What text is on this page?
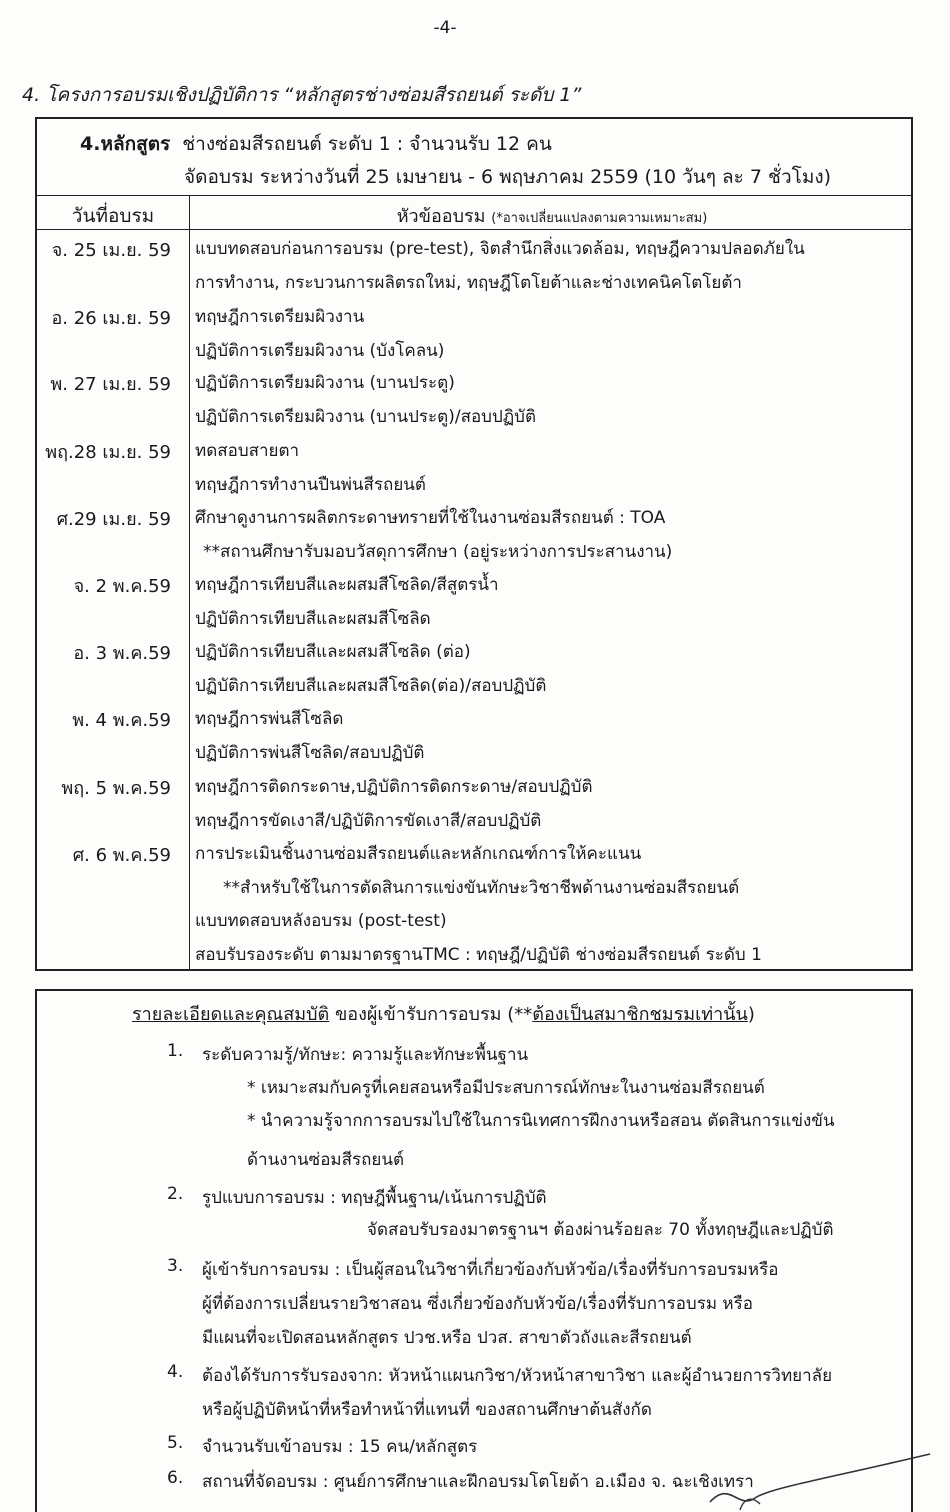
-4-
4. โครงการอบรมเชิงปฏิบัติการ “หลักสูตรช่างซ่อมสีรถยนต์ ระดับ 1”
4.หลักสูตร ช่างซ่อมสีรถยนต์ ระดับ 1 : จำนวนรับ 12 คน
จัดอบรม ระหว่างวันที่ 25 เมษายน - 6 พฤษภาคม 2559 (10 วันๆ ละ 7 ชั่วโมง)
วันที่อบรม	หัวข้ออบรม (*อาจเปลี่ยนแปลงตามความเหมาะสม)
จ. 25 เม.ย. 59 แบบทดสอบก่อนการอบรม (pre-test), จิตสำนึกสิ่งแวดล้อม, ทฤษฎีความปลอดภัยใน
การทำงาน, กระบวนการผลิตรถใหม่, ทฤษฎีโตโยต้าและช่างเทคนิคโตโยต้า
อ. 26 เม.ย. 59 ทฤษฎีการเตรียมผิวงาน
ปฏิบัติการเตรียมผิวงาน (บังโคลน)
พ. 27 เม.ย. 59 ปฏิบัติการเตรียมผิวงาน (บานประตู)
ปฏิบัติการเตรียมผิวงาน (บานประตู)/สอบปฏิบัติ
พฤ.28 เม.ย. 59 ทดสอบสายตา
ทฤษฎีการทำงานปืนพ่นสีรถยนต์
ศ.29 เม.ย. 59 ศึกษาดูงานการผลิตกระดาษทรายที่ใช้ในงานซ่อมสีรถยนต์ : TOA
**สถานศึกษารับมอบวัสดุการศึกษา (อยู่ระหว่างการประสานงาน)
จ. 2 พ.ค.59 ทฤษฎีการเทียบสีและผสมสีโซลิด/สีสูตรน้ำ
ปฏิบัติการเทียบสีและผสมสีโซลิด
อ. 3 พ.ค.59 ปฏิบัติการเทียบสีและผสมสีโซลิด (ต่อ)
ปฏิบัติการเทียบสีและผสมสีโซลิด(ต่อ)/สอบปฏิบัติ
พ. 4 พ.ค.59 ทฤษฎีการพ่นสีโซลิด
ปฏิบัติการพ่นสีโซลิด/สอบปฏิบัติ
พฤ. 5 พ.ค.59 ทฤษฎีการติดกระดาษ,ปฏิบัติการติดกระดาษ/สอบปฏิบัติ
ทฤษฎีการขัดเงาสี/ปฏิบัติการขัดเงาสี/สอบปฏิบัติ
ศ. 6 พ.ค.59 การประเมินชิ้นงานซ่อมสีรถยนต์และหลักเกณฑ์การให้คะแนน
**สำหรับใช้ในการตัดสินการแข่งขันทักษะวิชาชีพด้านงานซ่อมสีรถยนต์
แบบทดสอบหลังอบรม (post-test)
สอบรับรองระดับ ตามมาตรฐานTMC : ทฤษฎี/ปฏิบัติ ช่างซ่อมสีรถยนต์ ระดับ 1
รายละเอียดและคุณสมบัติ ของผู้เข้ารับการอบรม (**ต้องเป็นสมาชิกชมรมเท่านั้น)
1. ระดับความรู้/ทักษะ: ความรู้และทักษะพื้นฐาน
* เหมาะสมกับครูที่เคยสอนหรือมีประสบการณ์ทักษะในงานซ่อมสีรถยนต์
* นำความรู้จากการอบรมไปใช้ในการนิเทศการฝึกงานหรือสอน ตัดสินการแข่งขัน
ด้านงานซ่อมสีรถยนต์
2. รูปแบบการอบรม : ทฤษฎีพื้นฐาน/เน้นการปฏิบัติ
จัดสอบรับรองมาตรฐานฯ ต้องผ่านร้อยละ 70 ทั้งทฤษฎีและปฏิบัติ
3. ผู้เข้ารับการอบรม : เป็นผู้สอนในวิชาที่เกี่ยวข้องกับหัวข้อ/เรื่องที่รับการอบรมหรือ
ผู้ที่ต้องการเปลี่ยนรายวิชาสอน ซึ่งเกี่ยวข้องกับหัวข้อ/เรื่องที่รับการอบรม หรือ
มีแผนที่จะเปิดสอนหลักสูตร ปวช.หรือ ปวส. สาขาตัวถังและสีรถยนต์
4. ต้องได้รับการรับรองจาก: หัวหน้าแผนกวิชา/หัวหน้าสาขาวิชา และผู้อำนวยการวิทยาลัย
หรือผู้ปฏิบัติหน้าที่หรือทำหน้าที่แทนที่ ของสถานศึกษาต้นสังกัด
5. จำนวนรับเข้าอบรม : 15 คน/หลักสูตร
6. สถานที่จัดอบรม : ศูนย์การศึกษาและฝึกอบรมโตโยต้า อ.เมือง จ. ฉะเชิงเทรา
